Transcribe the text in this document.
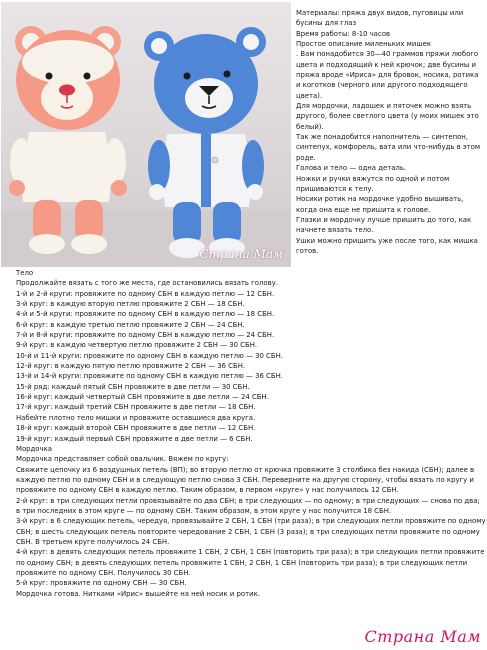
Страна Мам

Материалы: пряжа двух видов, пуговицы или бусины для глаз

Время работы: 8-10 часов

Простое описание миленьких мишек

. Вам понадобится 30—40 граммов пряжи любого цвета и подходящий к ней крючок; две бусины и пряжа вроде «Ириса» для бровок, носика, ротика и коготков (черного или другого подходящего цвета).

Для мордочки, ладошек и пяточек можно взять другого, более светлого цвета (у моих мишек это белый).

Так же понадобится наполнитель — синтепон, синтепух, комфорель, вата или что-нибудь в этом роде.

Голова и тело — одна деталь.

Ножки и ручки вяжутся по одной и потом пришиваются к телу.

Носики ротик на мордочке удобно вышивать, когда она еще не пришита к голове.

Глазки и мордочку лучше пришить до того, как начнете вязать тело.

Ушки можно пришить уже после того, как мишка готов.

Тело

Продолжайте вязать с того же места, где остановились вязать голову.

1-й и 2-й круги: провяжите по одному СБН в каждую петлю — 12 СБН.

3-й круг: в каждую вторую петлю провяжите 2 СБН — 18 СБН.

4-й и 5-й круги: провяжите по одному СБН в каждую петлю — 18 СБН.

6-й круг: в каждую третью петлю провяжите 2 СБН — 24 СБН.

7-й и 8-й круги: провяжите по одному СБН в каждую петлю — 24 СБН.

9-й круг: в каждую четвертую петлю провяжите 2 СБН — 30 СБН.

10-й и 11-й круги: провяжите по одному СБН в каждую петлю — 30 СБН.

12-й круг: в каждую пятую петлю провяжите 2 СБН — 36 СБН.

13-й и 14-й круги: провяжите по одному СБН в каждую петлю — 36 СБН.

15-й ряд: каждый пятый СБН провяжите в две петли — 30 СБН.

16-й круг: каждый четвертый СБН провяжите в две петли — 24 СБН.

17-й круг: каждый третий СБН провяжите в две петли — 18 СБН.

Набейте плотно тело мишки и провяжите оставшиеся два круга.

18-й круг: каждый второй СБН провяжите в две петли — 12 СБН.

19-й круг: каждый первый СБН провяжите в две петли — 6 СБН.

Мордочка

Мордочка представляет собой овальчик. Вяжем по кругу:

Свяжите цепочку из 6 воздушных петель (ВП); во вторую петлю от крючка провяжите 3 столбика без накида (СБН); далее в каждую петлю по одному СБН и в следующую петлю снова 3 СБН. Переверните на другую сторону, чтобы вязать по кругу и провяжите по одному СБН в каждую петлю. Таким образом, в первом «круге» у нас получилось 12 СБН.

2-й круг: в три следующих петли провязывайте по два СБН; в три следующих — по одному; в три следующих — снова по два; в три последних в этом круге — по одному СБН. Таким образом, в этом круге у нас получится 18 СБН.

3-й круг: в 6 следующих петель, чередуя, провязывайте 2 СБН, 1 СБН (три раза); в три следующих петли провяжите по одному СБН; в шесть следующих петель повторите чередование 2 СБН, 1 СБН (3 раза); в три следующих петли провяжите по одному СБН. В третьем круге получилось 24 СБН.

4-й круг: в девять следующих петель провяжите 1 СБН, 2 СБН, 1 СБН (повторить три раза); в три следующих петли провяжите по одному СБН; в девять следующих петель провяжите 1 СБН, 2 СБН, 1 СБН (повторить три раза); в три следующих петли провяжите по одному СБН. Получилось 30 СБН.

5-й круг: провяжите по одному СБН — 30 СБН.

Мордочка готова. Нитками «Ирис» вышейте на ней носик и ротик.

Страна Мам
